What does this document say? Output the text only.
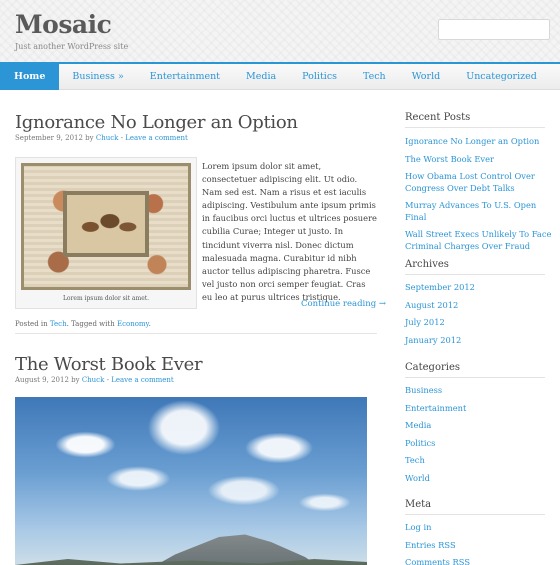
Mosaic
Just another WordPress site
Home	Business »	Entertainment	Media	Politics	Tech	World	Uncategorized
Ignorance No Longer an Option
September 9, 2012 by Chuck - Leave a comment
Lorem ipsum dolor sit amet.
Lorem ipsum dolor sit amet, consectetuer adipiscing elit. Ut odio. Nam sed est. Nam a risus et est iaculis adipiscing. Vestibulum ante ipsum primis in faucibus orci luctus et ultrices posuere cubilia Curae; Integer ut justo. In tincidunt viverra nisl. Donec dictum malesuada magna. Curabitur id nibh auctor tellus adipiscing pharetra. Fusce vel justo non orci semper feugiat. Cras eu leo at purus ultrices tristique.
Continue reading →
Posted in Tech. Tagged with Economy.
The Worst Book Ever
August 9, 2012 by Chuck - Leave a comment
Recent Posts
Ignorance No Longer an Option
The Worst Book Ever
How Obama Lost Control Over Congress Over Debt Talks
Murray Advances To U.S. Open Final
Wall Street Execs Unlikely To Face Criminal Charges Over Fraud
Archives
September 2012
August 2012
July 2012
January 2012
Categories
Business
Entertainment
Media
Politics
Tech
World
Meta
Log in
Entries RSS
Comments RSS
